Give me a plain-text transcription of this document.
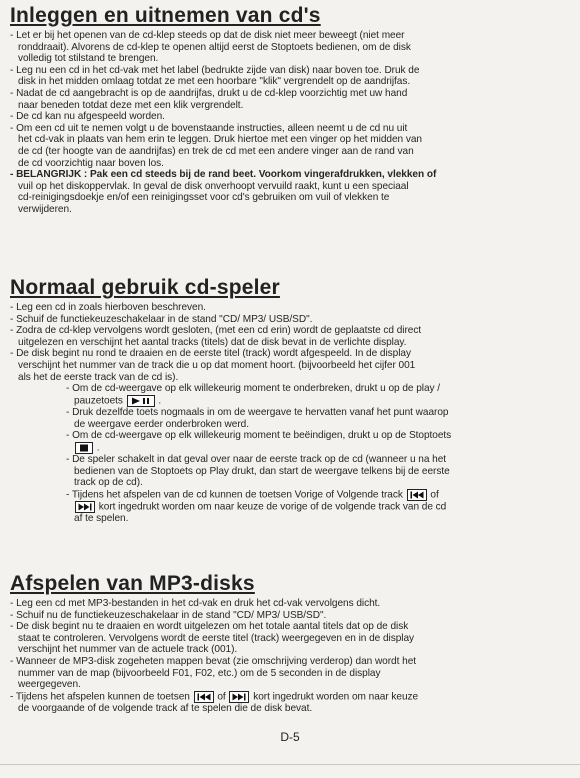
Inleggen en uitnemen van cd's

- Let er bij het openen van de cd-klep steeds op dat de disk niet meer beweegt (niet meer

ronddraait). Alvorens de cd-klep te openen altijd eerst de Stoptoets bedienen, om de disk

volledig tot stilstand te brengen.

- Leg nu een cd in het cd-vak met het label (bedrukte zijde van disk) naar boven toe. Druk de

disk in het midden omlaag totdat ze met een hoorbare "klik" vergrendelt op de aandrijfas.

- Nadat de cd aangebracht is op de aandrijfas, drukt u de cd-klep voorzichtig met uw hand

naar beneden totdat deze met een klik vergrendelt.

- De cd kan nu afgespeeld worden.

- Om een cd uit te nemen volgt u de bovenstaande instructies, alleen neemt u de cd nu uit

het cd-vak in plaats van hem erin te leggen. Druk hiertoe met een vinger op het midden van

de cd (ter hoogte van de aandrijfas) en trek de cd met een andere vinger aan de rand van

de cd voorzichtig naar boven los.

- BELANGRIJK : Pak een cd steeds bij de rand beet. Voorkom vingerafdrukken, vlekken of

vuil op het diskoppervlak. In geval de disk onverhoopt vervuild raakt, kunt u een speciaal

cd-reinigingsdoekje en/of een reinigingsset voor cd's gebruiken om vuil of vlekken te

verwijderen.

Normaal gebruik cd-speler

- Leg een cd in zoals hierboven beschreven.

- Schuif de functiekeuzeschakelaar in de stand "CD/ MP3/ USB/SD".

- Zodra de cd-klep vervolgens wordt gesloten, (met een cd erin) wordt de geplaatste cd direct

uitgelezen en verschijnt het aantal tracks (titels) dat de disk bevat in de verlichte display.

- De disk begint nu rond te draaien en de eerste titel (track) wordt afgespeeld. In de display

verschijnt het nummer van de track die u op dat moment hoort. (bijvoorbeeld het cijfer 001

als het de eerste track van de cd is).

- Om de cd-weergave op elk willekeurig moment te onderbreken, drukt u op de play /

pauzetoets	.

- Druk dezelfde toets nogmaals in om de weergave te hervatten vanaf het punt waarop

de weergave eerder onderbroken werd.

- Om de cd-weergave op elk willekeurig moment te beëindigen, drukt u op de Stoptoets

.

- De speler schakelt in dat geval over naar de eerste track op de cd (wanneer u na het

bedienen van de Stoptoets op Play drukt, dan start de weergave telkens bij de eerste

track op de cd).

- Tijdens het afspelen van de cd kunnen de toetsen Vorige of Volgende track	of

kort ingedrukt worden om naar keuze de vorige of de volgende track van de cd

af te spelen.

Afspelen van MP3-disks

- Leg een cd met MP3-bestanden in het cd-vak en druk het cd-vak vervolgens dicht.

- Schuif nu de functiekeuzeschakelaar in de stand "CD/ MP3/ USB/SD".

- De disk begint nu te draaien en wordt uitgelezen om het totale aantal titels dat op de disk

staat te controleren. Vervolgens wordt de eerste titel (track) weergegeven en in de display

verschijnt het nummer van de actuele track (001).

- Wanneer de MP3-disk zogeheten mappen bevat (zie omschrijving verderop) dan wordt het

nummer van de map (bijvoorbeeld F01, F02, etc.) om de 5 seconden in de display

weergegeven.

- Tijdens het afspelen kunnen de toetsen	of	kort ingedrukt worden om naar keuze

de voorgaande of de volgende track af te spelen die de disk bevat.

D-5
